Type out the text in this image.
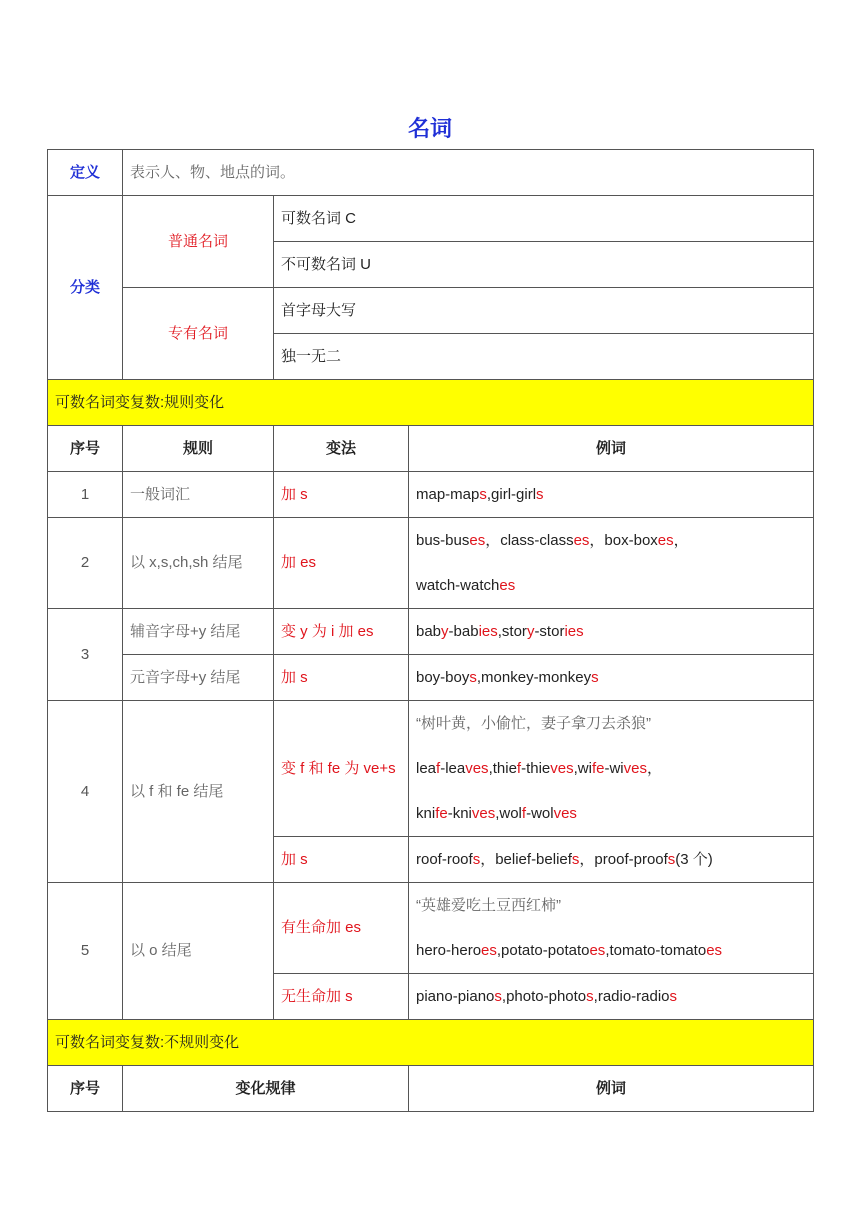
名词
定义	表示人、物、地点的词。		
分类	普通名词	可数名词 C	
		不可数名词 U	
	专有名词	首字母大写	
		独一无二	
可数名词变复数:规则变化			
序号	规则	变法	例词
1	一般词汇	加 s	map-maps,girl-girls
2	以 x,s,ch,sh 结尾	加 es	bus-buses，class-classes，box-boxes，
watch-watches
3	辅音字母+y 结尾	变 y 为 i 加 es	baby-babies,story-stories
	元音字母+y 结尾	加 s	boy-boys,monkey-monkeys
4	以 f 和 fe 结尾	变 f 和 fe 为 ve+s	“树叶黄，小偷忙，妻子拿刀去杀狼”
leaf-leaves,thief-thieves,wife-wives，
knife-knives,wolf-wolves
		加 s	roof-roofs，belief-beliefs，proof-proofs(3 个)
5	以 o 结尾	有生命加 es	“英雄爱吃土豆西红柿”
hero-heroes,potato-potatoes,tomato-tomatoes
		无生命加 s	piano-pianos,photo-photos,radio-radios
可数名词变复数:不规则变化			
序号	变化规律		例词
